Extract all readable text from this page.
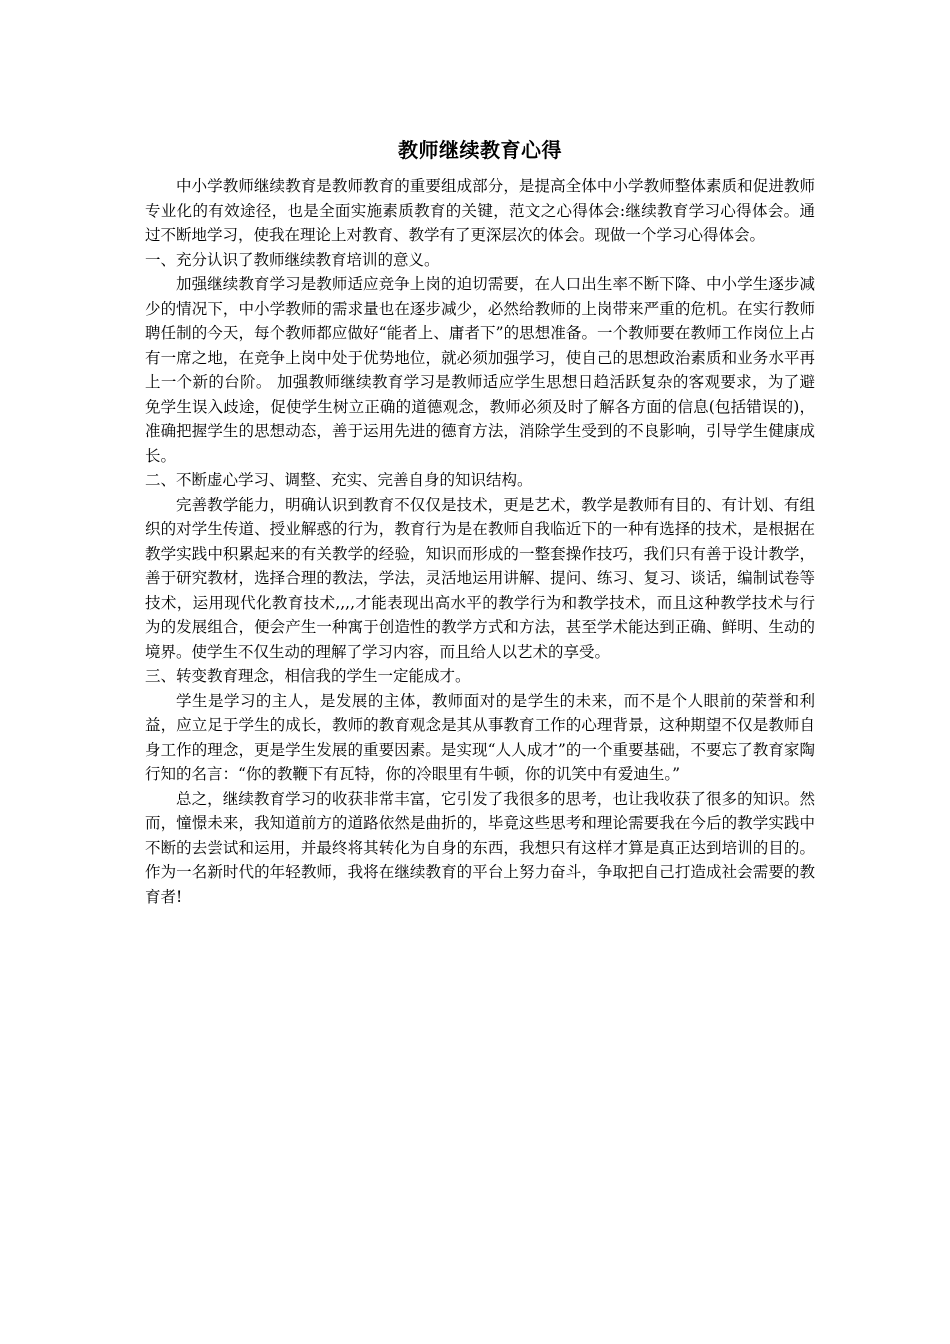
教师继续教育心得

中小学教师继续教育是教师教育的重要组成部分，是提高全体中小学教师整体素质和促进教师专业化的有效途径，也是全面实施素质教育的关键，范文之心得体会:继续教育学习心得体会。通过不断地学习，使我在理论上对教育、教学有了更深层次的体会。现做一个学习心得体会。

一、充分认识了教师继续教育培训的意义。

加强继续教育学习是教师适应竞争上岗的迫切需要，在人口出生率不断下降、中小学生逐步减少的情况下，中小学教师的需求量也在逐步减少，必然给教师的上岗带来严重的危机。在实行教师聘任制的今天，每个教师都应做好“能者上、庸者下”的思想准备。一个教师要在教师工作岗位上占有一席之地，在竞争上岗中处于优势地位，就必须加强学习，使自己的思想政治素质和业务水平再上一个新的台阶。 加强教师继续教育学习是教师适应学生思想日趋活跃复杂的客观要求，为了避免学生误入歧途，促使学生树立正确的道德观念，教师必须及时了解各方面的信息(包括错误的)，准确把握学生的思想动态，善于运用先进的德育方法，消除学生受到的不良影响，引导学生健康成长。

二、不断虚心学习、调整、充实、完善自身的知识结构。

完善教学能力，明确认识到教育不仅仅是技术，更是艺术，教学是教师有目的、有计划、有组织的对学生传道、授业解惑的行为，教育行为是在教师自我临近下的一种有选择的技术，是根据在教学实践中积累起来的有关教学的经验，知识而形成的一整套操作技巧，我们只有善于设计教学，善于研究教材，选择合理的教法，学法，灵活地运用讲解、提问、练习、复习、谈话，编制试卷等技术，运用现代化教育技术,,,,才能表现出高水平的教学行为和教学技术，而且这种教学技术与行为的发展组合，便会产生一种寓于创造性的教学方式和方法，甚至学术能达到正确、鲜明、生动的境界。使学生不仅生动的理解了学习内容，而且给人以艺术的享受。

三、转变教育理念，相信我的学生一定能成才。

学生是学习的主人，是发展的主体，教师面对的是学生的未来，而不是个人眼前的荣誉和利益，应立足于学生的成长，教师的教育观念是其从事教育工作的心理背景，这种期望不仅是教师自身工作的理念，更是学生发展的重要因素。是实现“人人成才”的一个重要基础，不要忘了教育家陶行知的名言：“你的教鞭下有瓦特，你的冷眼里有牛顿，你的讥笑中有爱迪生。”

总之，继续教育学习的收获非常丰富，它引发了我很多的思考，也让我收获了很多的知识。然而，憧憬未来，我知道前方的道路依然是曲折的，毕竟这些思考和理论需要我在今后的教学实践中不断的去尝试和运用，并最终将其转化为自身的东西，我想只有这样才算是真正达到培训的目的。作为一名新时代的年轻教师，我将在继续教育的平台上努力奋斗，争取把自己打造成社会需要的教育者!
